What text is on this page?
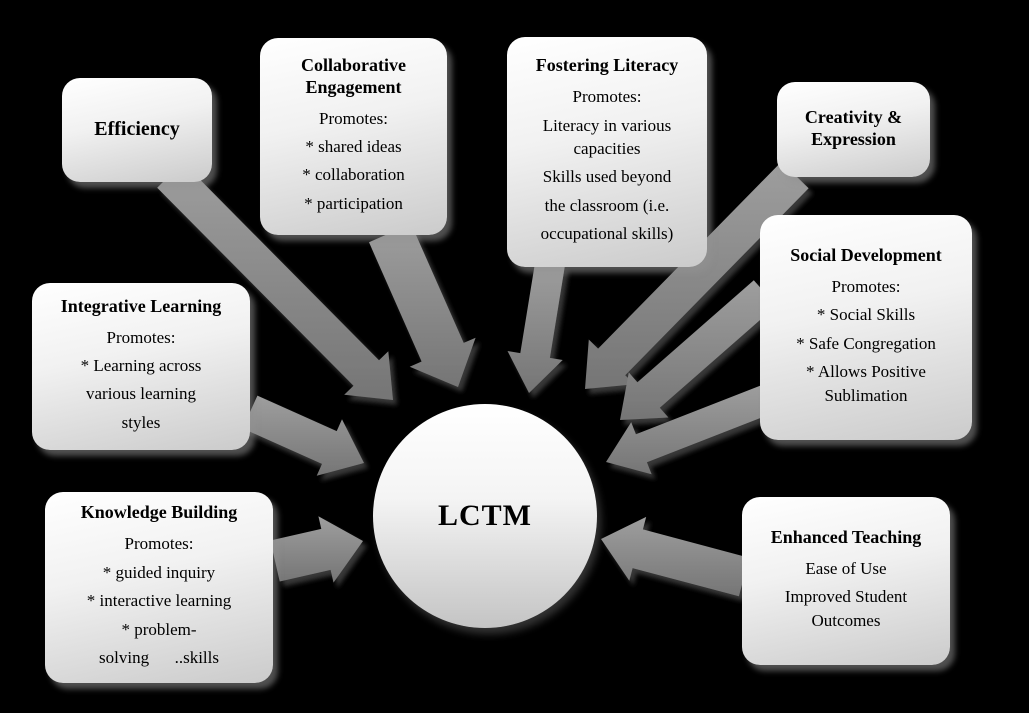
LCTM
Efficiency
Collaborative Engagement
Promotes:
* shared ideas
* collaboration
* participation
Fostering Literacy
Promotes:
Literacy in various capacities
Skills used beyond
the classroom (i.e.
occupational skills)
Creativity & Expression
Social Development
Promotes:
* Social Skills
* Safe Congregation
* Allows Positive Sublimation
Integrative Learning
Promotes:
* Learning across
various learning
styles
Knowledge Building
Promotes:
* guided inquiry
* interactive learning
* problem-
solving      ..skills
Enhanced Teaching
Ease of Use
Improved Student Outcomes
